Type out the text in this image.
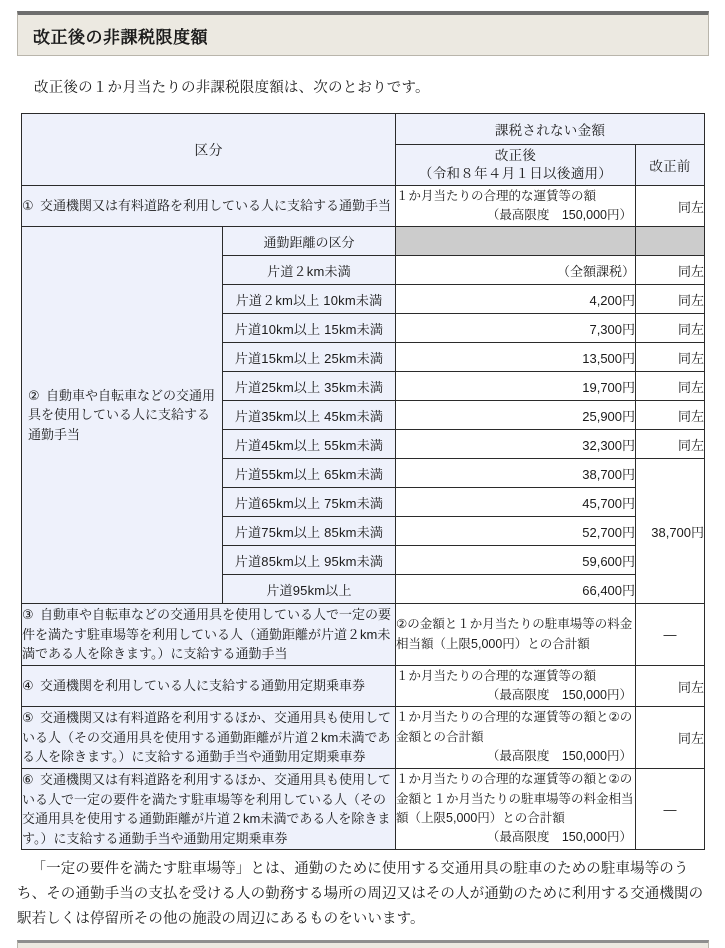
改正後の非課税限度額
改正後の１か月当たりの非課税限度額は、次のとおりです。
区分		課税されない金額	
		改正後
（令和８年４月１日以後適用）	改正前
① 交通機関又は有料道路を利用している人に支給する通勤手当		１か月当たりの合理的な運賃等の額
（最高限度　150,000円）	同左
② 自動車や自転車などの交通用具を使用している人に支給する通勤手当	通勤距離の区分		
	片道２km未満	（全額課税）	同左
	片道２km以上 10km未満	4,200円	同左
	片道10km以上 15km未満	7,300円	同左
	片道15km以上 25km未満	13,500円	同左
	片道25km以上 35km未満	19,700円	同左
	片道35km以上 45km未満	25,900円	同左
	片道45km以上 55km未満	32,300円	同左
	片道55km以上 65km未満	38,700円	38,700円
	片道65km以上 75km未満	45,700円	
	片道75km以上 85km未満	52,700円	
	片道85km以上 95km未満	59,600円	
	片道95km以上	66,400円	
③ 自動車や自転車などの交通用具を使用している人で一定の要件を満たす駐車場等を利用している人（通勤距離が片道２km未満である人を除きます。）に支給する通勤手当		②の金額と１か月当たりの駐車場等の料金相当額（上限5,000円）との合計額	—
④ 交通機関を利用している人に支給する通勤用定期乗車券		１か月当たりの合理的な運賃等の額
（最高限度　150,000円）	同左
⑤ 交通機関又は有料道路を利用するほか、交通用具も使用している人（その交通用具を使用する通勤距離が片道２km未満である人を除きます。）に支給する通勤手当や通勤用定期乗車券		１か月当たりの合理的な運賃等の額と②の金額との合計額
（最高限度　150,000円）	同左
⑥ 交通機関又は有料道路を利用するほか、交通用具も使用している人で一定の要件を満たす駐車場等を利用している人（その交通用具を使用する通勤距離が片道２km未満である人を除きます。）に支給する通勤手当や通勤用定期乗車券		１か月当たりの合理的な運賃等の額と②の金額と１か月当たりの駐車場等の料金相当額（上限5,000円）との合計額
（最高限度　150,000円）	—
「一定の要件を満たす駐車場等」とは、通勤のために使用する交通用具の駐車のための駐車場等のうち、その通勤手当の支払を受ける人の勤務する場所の周辺又はその人が通勤のために利用する交通機関の駅若しくは停留所その他の施設の周辺にあるものをいいます。
